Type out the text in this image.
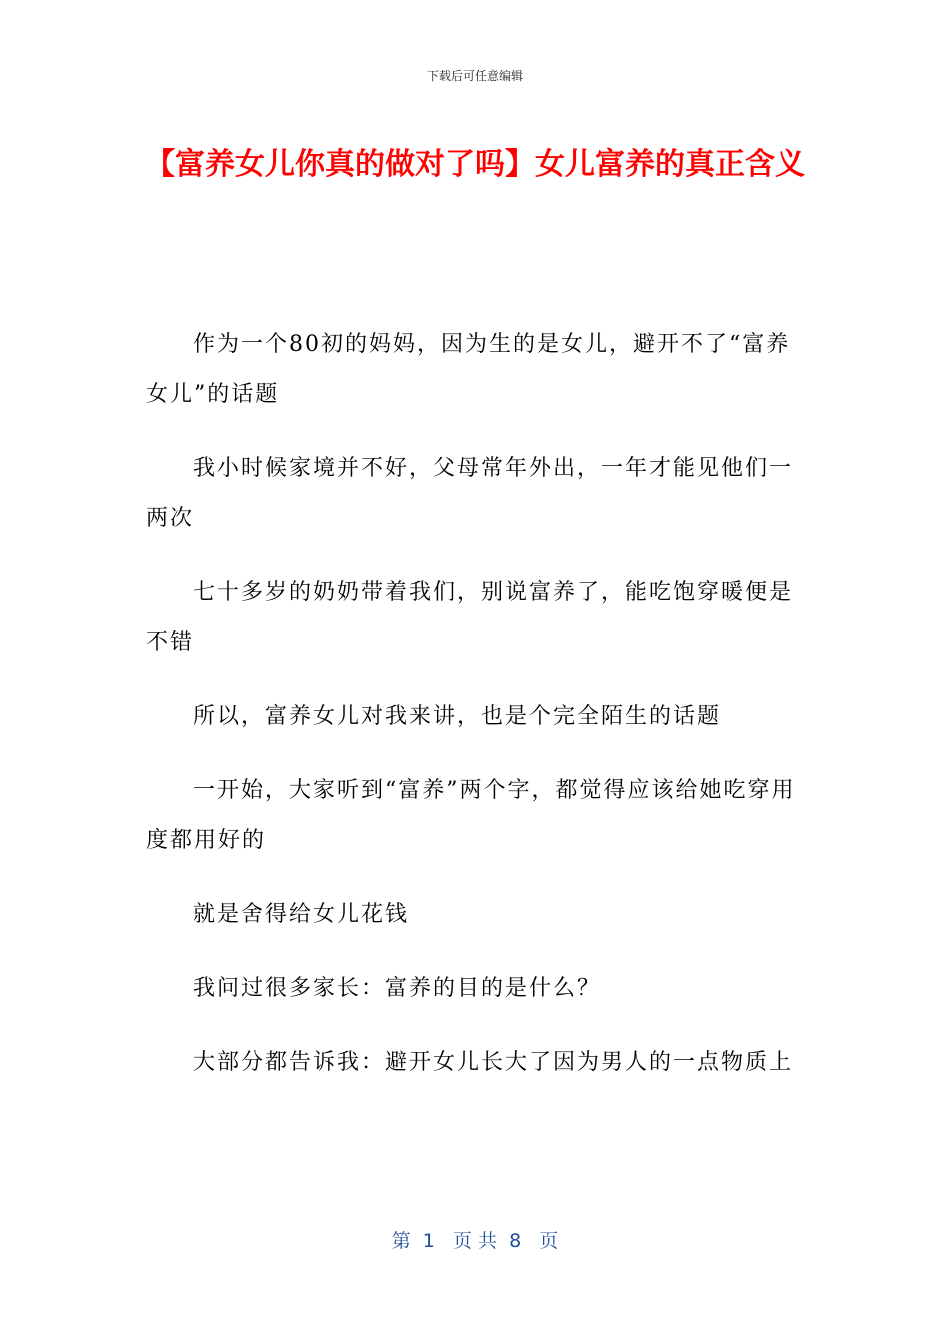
下载后可任意编辑
【富养女儿你真的做对了吗】女儿富养的真正含义

作为一个80初的妈妈，因为生的是女儿，避开不了“富养女儿”的话题

我小时候家境并不好，父母常年外出，一年才能见他们一两次

七十多岁的奶奶带着我们，别说富养了，能吃饱穿暖便是不错

所以，富养女儿对我来讲，也是个完全陌生的话题

一开始，大家听到“富养”两个字，都觉得应该给她吃穿用度都用好的

就是舍得给女儿花钱

我问过很多家长：富养的目的是什么？

大部分都告诉我：避开女儿长大了因为男人的一点物质上

第  1   页 共  8   页
